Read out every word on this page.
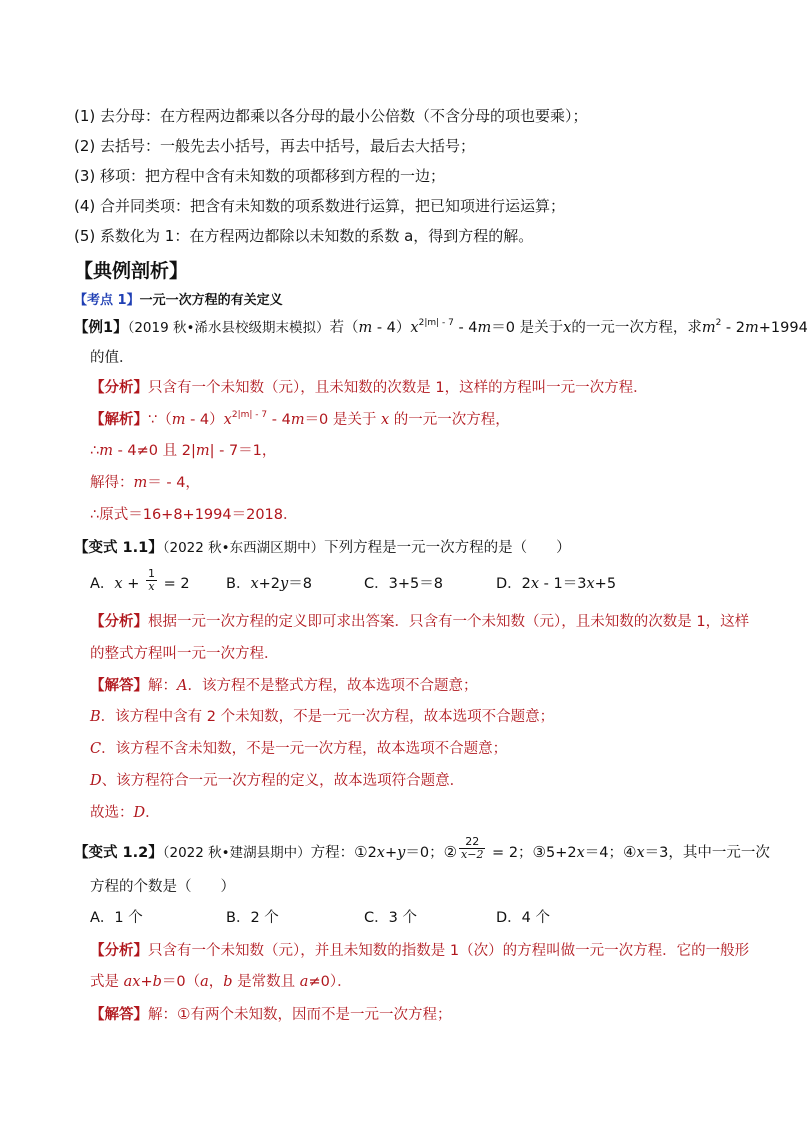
(1) 去分母：在方程两边都乘以各分母的最小公倍数（不含分母的项也要乘）；
(2) 去括号：一般先去小括号，再去中括号，最后去大括号；
(3) 移项：把方程中含有未知数的项都移到方程的一边；
(4) 合并同类项：把含有未知数的项系数进行运算，把已知项进行运运算；
(5) 系数化为 1：在方程两边都除以未知数的系数 a，得到方程的解。
【典例剖析】
【考点 1】一元一次方程的有关定义
【例1】（2019 秋•浠水县校级期末模拟）若$(m - 4)x^{2|m| - 7} - 4m=0$ 是关于x的一元一次方程，求$m^2 - 2m+1994$
的值．
【分析】只含有一个未知数（元），且未知数的次数是 1，这样的方程叫一元一次方程．
【解析】∵（m - $4)x^{2|m| - 7} - 4m=0$ 是关于 x 的一元一次方程，
∴m - 4≠0 且 2|m| - 7＝1，
解得：m＝ - 4，
∴原式＝16+8+1994＝2018．
【变式 1.1】（2022 秋•东西湖区期中）下列方程是一元一次方程的是（　　）
A．$x + \frac{1}{x} = 2$	B．x+2y＝8	C．3+5＝8	D．2x - 1＝3x+5
【分析】根据一元一次方程的定义即可求出答案．只含有一个未知数（元），且未知数的次数是 1，这样
的整式方程叫一元一次方程．
【解答】解：A．该方程不是整式方程，故本选项不合题意；
B．该方程中含有 2 个未知数，不是一元一次方程，故本选项不合题意；
C．该方程不含未知数，不是一元一次方程，故本选项不合题意；
D、该方程符合一元一次方程的定义，故本选项符合题意．
故选：D．
【变式 1.2】（2022 秋•建湖县期中）方程：①2x+y＝0；② $\frac{22}{x-2} = 2$；③5+2x＝4；④x＝3，其中一元一次
方程的个数是（　　）
A．1 个	B．2 个	C．3 个	D．4 个
【分析】只含有一个未知数（元），并且未知数的指数是 1（次）的方程叫做一元一次方程．它的一般形
式是 ax+b＝0（a，b 是常数且 a≠0）．
【解答】解：①有两个未知数，因而不是一元一次方程；
